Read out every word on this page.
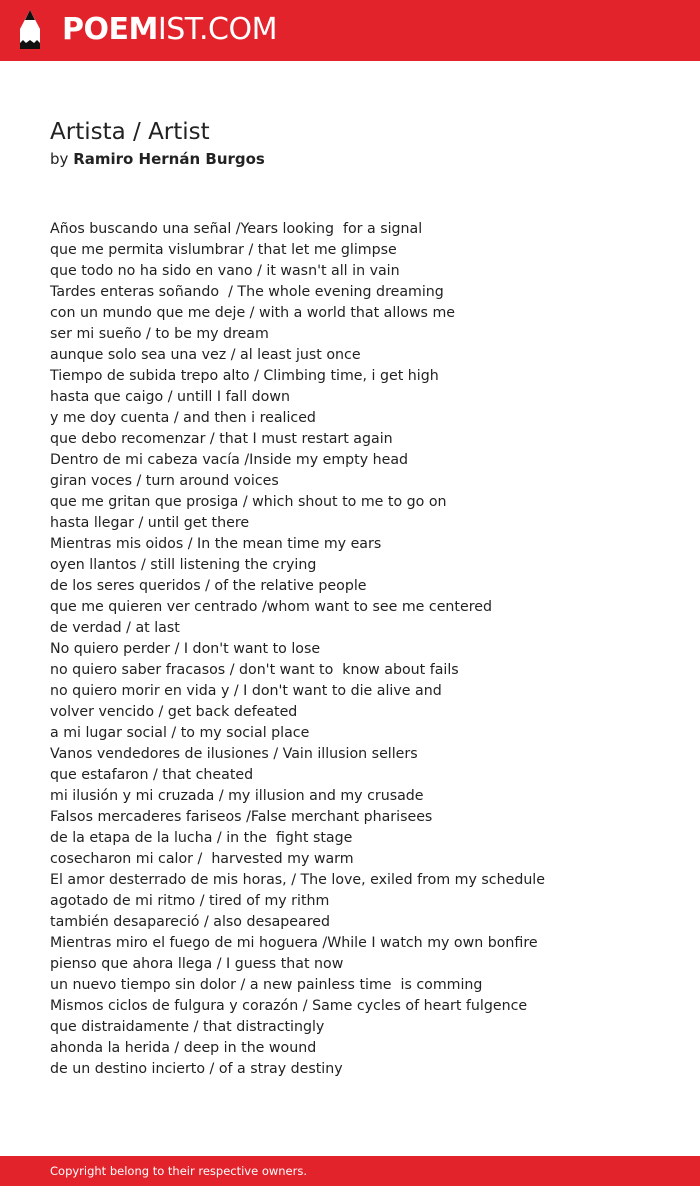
POEMIST.COM
Artista / Artist
by Ramiro Hernán Burgos
Años buscando una señal /Years looking  for a signal
que me permita vislumbrar / that let me glimpse
que todo no ha sido en vano / it wasn't all in vain
Tardes enteras soñando  / The whole evening dreaming
con un mundo que me deje / with a world that allows me
ser mi sueño / to be my dream
aunque solo sea una vez / al least just once
Tiempo de subida trepo alto / Climbing time, i get high
hasta que caigo / untill I fall down
y me doy cuenta / and then i realiced
que debo recomenzar / that I must restart again
Dentro de mi cabeza vacía /Inside my empty head
giran voces / turn around voices
que me gritan que prosiga / which shout to me to go on
hasta llegar / until get there
Mientras mis oidos / In the mean time my ears
oyen llantos / still listening the crying
de los seres queridos / of the relative people
que me quieren ver centrado /whom want to see me centered
de verdad / at last
No quiero perder / I don't want to lose
no quiero saber fracasos / don't want to  know about fails
no quiero morir en vida y / I don't want to die alive and
volver vencido / get back defeated
a mi lugar social / to my social place
Vanos vendedores de ilusiones / Vain illusion sellers
que estafaron / that cheated
mi ilusión y mi cruzada / my illusion and my crusade
Falsos mercaderes fariseos /False merchant pharisees
de la etapa de la lucha / in the  fight stage
cosecharon mi calor /  harvested my warm
El amor desterrado de mis horas, / The love, exiled from my schedule
agotado de mi ritmo / tired of my rithm
también desapareció / also desapeared
Mientras miro el fuego de mi hoguera /While I watch my own bonfire
pienso que ahora llega / I guess that now
un nuevo tiempo sin dolor / a new painless time  is comming
Mismos ciclos de fulgura y corazón / Same cycles of heart fulgence
que distraidamente / that distractingly
ahonda la herida / deep in the wound
de un destino incierto / of a stray destiny
Copyright belong to their respective owners.
